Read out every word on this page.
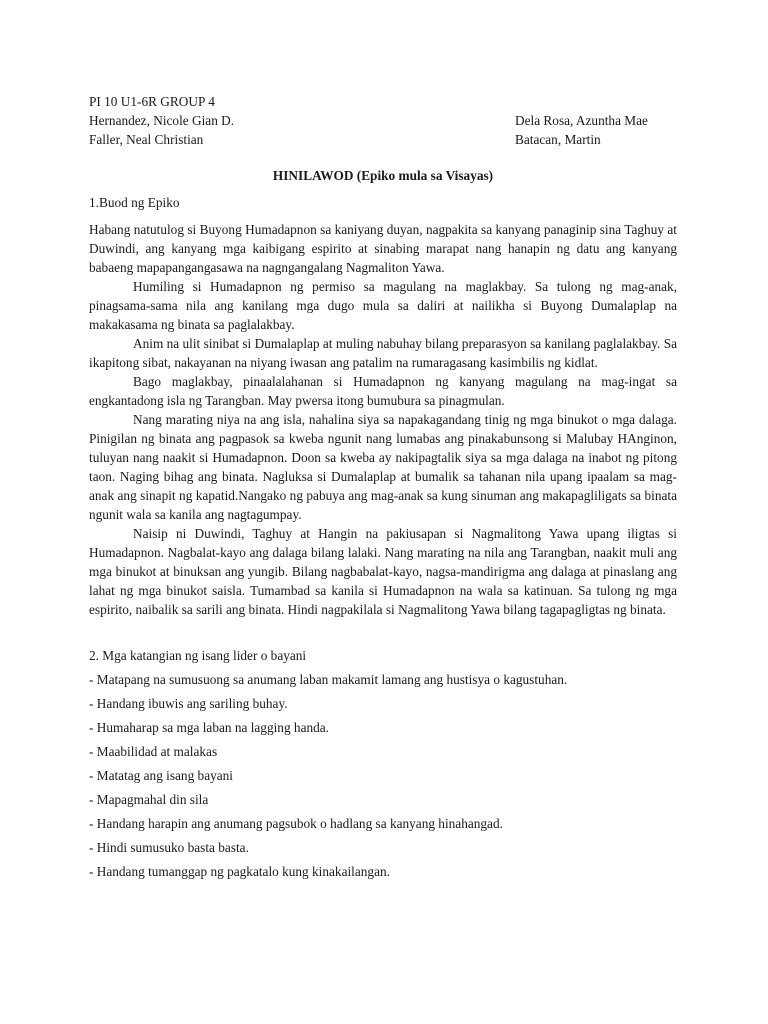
PI 10 U1-6R GROUP 4
Hernandez, Nicole Gian D.	Dela Rosa, Azuntha Mae
Faller, Neal Christian	Batacan, Martin
HINILAWOD (Epiko mula sa Visayas)
1.Buod ng Epiko

Habang natutulog si Buyong Humadapnon sa kaniyang duyan, nagpakita sa kanyang panaginip sina Taghuy at Duwindi, ang kanyang mga kaibigang espirito at sinabing marapat nang hanapin ng datu ang kanyang babaeng mapapangangasawa na nagngangalang Nagmaliton Yawa.

Humiling si Humadapnon ng permiso sa magulang na maglakbay. Sa tulong ng mag-anak, pinagsama-sama nila ang kanilang mga dugo mula sa daliri at nailikha si Buyong Dumalaplap na makakasama ng binata sa paglalakbay.

Anim na ulit sinibat si Dumalaplap at muling nabuhay bilang preparasyon sa kanilang paglalakbay. Sa ikapitong sibat, nakayanan na niyang iwasan ang patalim na rumaragasang kasimbilis ng kidlat.

Bago maglakbay, pinaalalahanan si Humadapnon ng kanyang magulang na mag-ingat sa engkantadong isla ng Tarangban. May pwersa itong bumubura sa pinagmulan.

Nang marating niya na ang isla, nahalina siya sa napakagandang tinig ng mga binukot o mga dalaga. Pinigilan ng binata ang pagpasok sa kweba ngunit nang lumabas ang pinakabunsong si Malubay HAnginon, tuluyan nang naakit si Humadapnon. Doon sa kweba ay nakipagtalik siya sa mga dalaga na inabot ng pitong taon. Naging bihag ang binata. Nagluksa si Dumalaplap at bumalik sa tahanan nila upang ipaalam sa mag-anak ang sinapit ng kapatid.Nangako ng pabuya ang mag-anak sa kung sinuman ang makapagliligats sa binata ngunit wala sa kanila ang nagtagumpay.

Naisip ni Duwindi, Taghuy at Hangin na pakiusapan si Nagmalitong Yawa upang iligtas si Humadapnon. Nagbalat-kayo ang dalaga bilang lalaki. Nang marating na nila ang Tarangban, naakit muli ang mga binukot at binuksan ang yungib. Bilang nagbabalat-kayo, nagsa-mandirigma ang dalaga at pinaslang ang lahat ng mga binukot saisla. Tumambad sa kanila si Humadapnon na wala sa katinuan. Sa tulong ng mga espirito, naibalik sa sarili ang binata. Hindi nagpakilala si Nagmalitong Yawa bilang tagapagligtas ng binata.

2. Mga katangian ng isang lider o bayani
- Matapang na sumusuong sa anumang laban makamit lamang ang hustisya o kagustuhan.
- Handang ibuwis ang sariling buhay.
- Humaharap sa mga laban na lagging handa.
- Maabilidad at malakas
- Matatag ang isang bayani
- Mapagmahal din sila
- Handang harapin ang anumang pagsubok o hadlang sa kanyang hinahangad.
- Hindi sumusuko basta basta.
- Handang tumanggap ng pagkatalo kung kinakailangan.
